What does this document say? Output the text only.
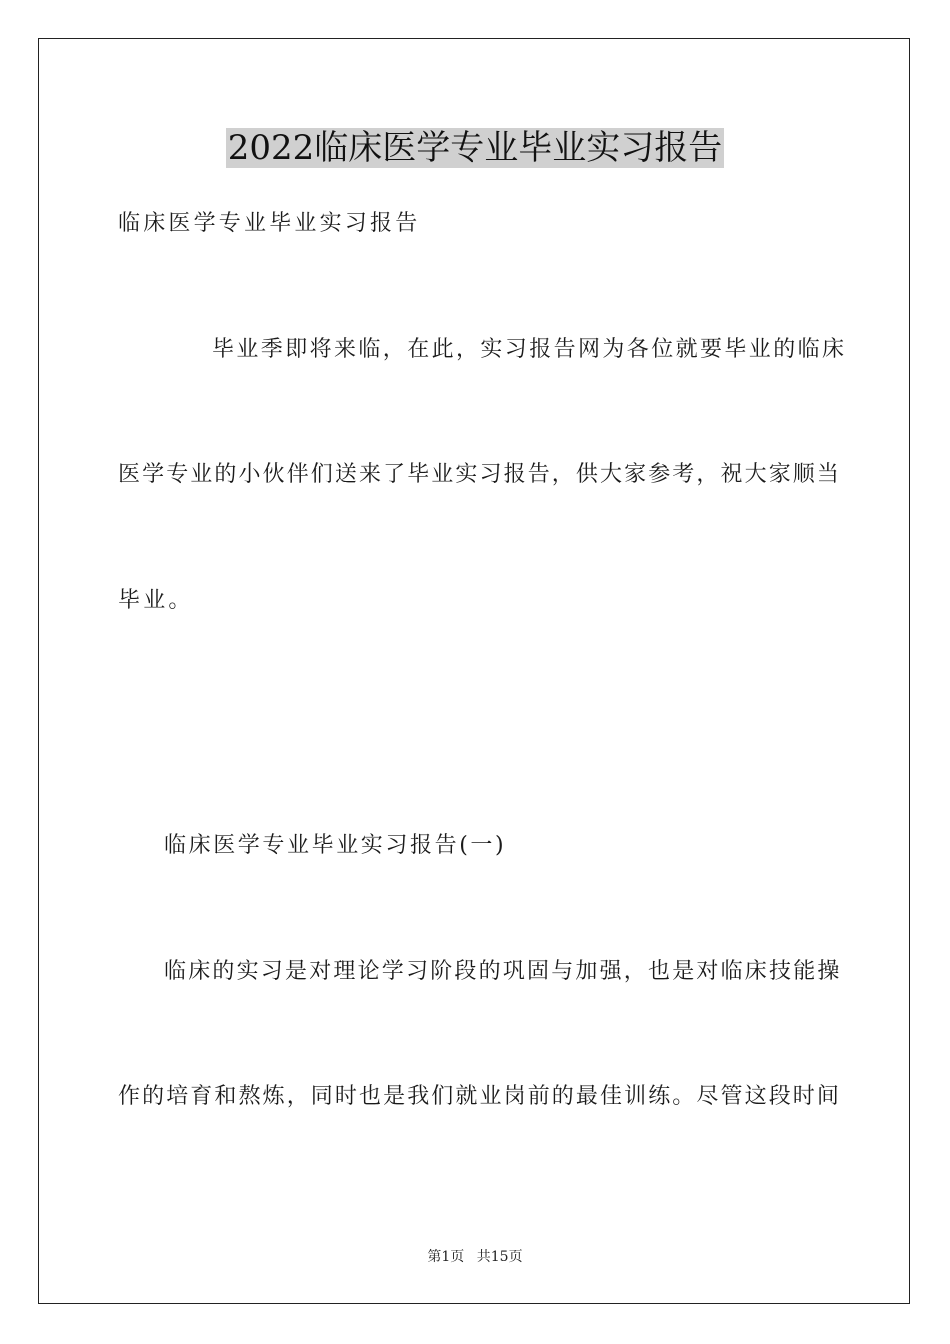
2022临床医学专业毕业实习报告
临床医学专业毕业实习报告
毕业季即将来临，在此，实习报告网为各位就要毕业的临床
医学专业的小伙伴们送来了毕业实习报告，供大家参考，祝大家顺当
毕业。
临床医学专业毕业实习报告(一)
临床的实习是对理论学习阶段的巩固与加强，也是对临床技能操
作的培育和熬炼，同时也是我们就业岗前的最佳训练。尽管这段时间
第1页 共15页
